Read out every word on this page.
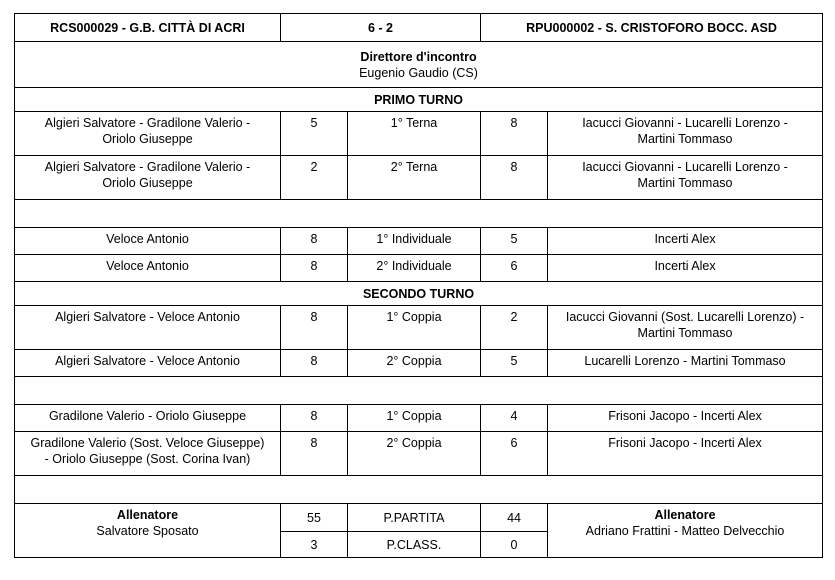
RCS000029 - G.B. CITTÀ DI ACRI	6 - 2		RPU000002 - S. CRISTOFORO BOCC. ASD	

Direttore d'incontro
Eugenio Gaudio (CS)				

PRIMO TURNO				

Algieri Salvatore - Gradilone Valerio -
Oriolo Giuseppe	5	1° Terna	8	Iacucci Giovanni - Lucarelli Lorenzo -
Martini Tommaso

Algieri Salvatore - Gradilone Valerio -
Oriolo Giuseppe	2	2° Terna	8	Iacucci Giovanni - Lucarelli Lorenzo -
Martini Tommaso

Veloce Antonio	8	1° Individuale	5	Incerti Alex

Veloce Antonio	8	2° Individuale	6	Incerti Alex

SECONDO TURNO				

Algieri Salvatore - Veloce Antonio	8	1° Coppia	2	Iacucci Giovanni (Sost. Lucarelli Lorenzo) -
Martini Tommaso

Algieri Salvatore - Veloce Antonio	8	2° Coppia	5	Lucarelli Lorenzo - Martini Tommaso

Gradilone Valerio - Oriolo Giuseppe	8	1° Coppia	4	Frisoni Jacopo - Incerti Alex

Gradilone Valerio (Sost. Veloce Giuseppe)
- Oriolo Giuseppe (Sost. Corina Ivan)	8	2° Coppia	6	Frisoni Jacopo - Incerti Alex

Allenatore
Salvatore Sposato	55	P.PARTITA	44	Allenatore
Adriano Frattini - Matteo Delvecchio

	3	P.CLASS.	0	
